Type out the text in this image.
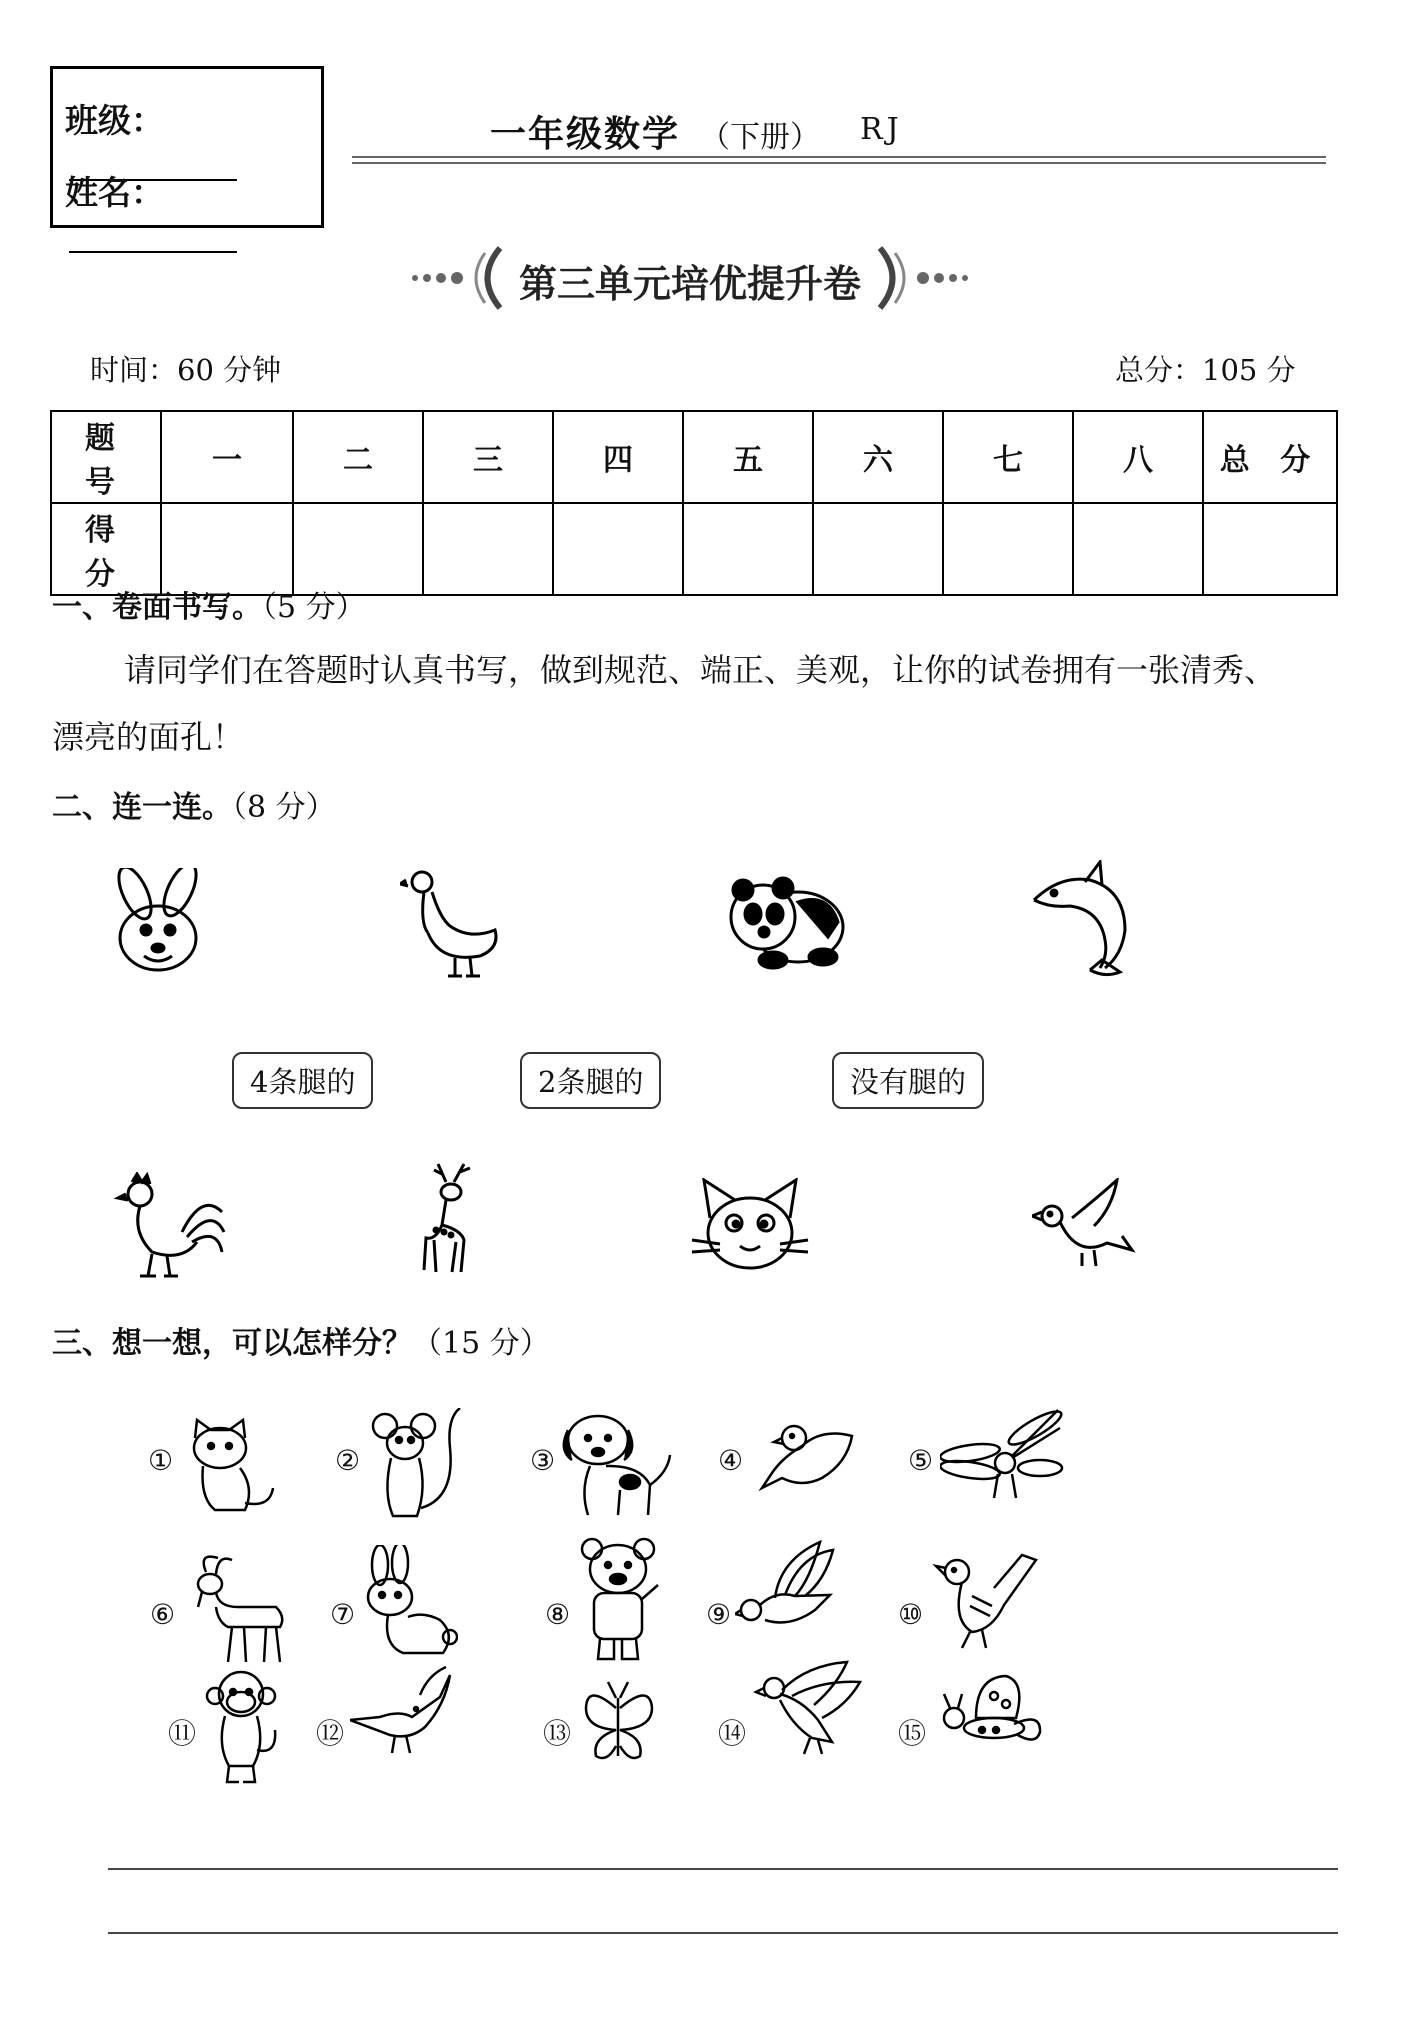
班级：
姓名：
一年级数学 （下册） RJ
第三单元培优提升卷
时间：60 分钟	总分：105 分
题 号	一	二	三	四	五	六	七	八	总 分
得 分									
一、卷面书写。（5 分）
请同学们在答题时认真书写，做到规范、端正、美观，让你的试卷拥有一张清秀、
漂亮的面孔！
二、连一连。（8 分）
4条腿的	2条腿的	没有腿的
三、想一想，可以怎样分？（15 分）
①	②	③	④	⑤
⑥	⑦	⑧	⑨	⑩
⑪	⑫	⑬	⑭	⑮
